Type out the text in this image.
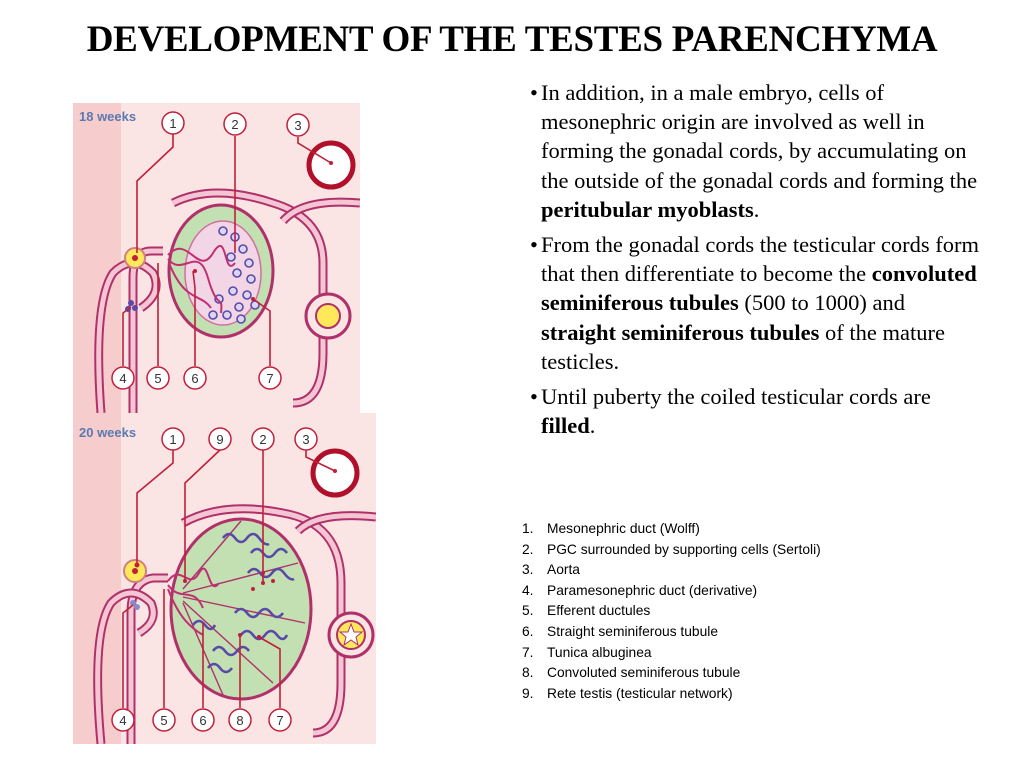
DEVELOPMENT OF THE TESTES PARENCHYMA
18 weeks	1	2	3
4 5 6	7
20 weeks	1	9	2	3
4	5 6 8	7
• In addition, in a male embryo, cells of mesonephric origin are involved as well in forming the gonadal cords, by accumulating on the outside of the gonadal cords and forming the peritubular myoblasts.
• From the gonadal cords the testicular cords form that then differentiate to become the convoluted seminiferous tubules (500 to 1000) and straight seminiferous tubules of the mature testicles.
• Until puberty the coiled testicular cords are filled.
1. Mesonephric duct (Wolff)
2. PGC surrounded by supporting cells (Sertoli)
3. Aorta
4. Paramesonephric duct (derivative)
5. Efferent ductules
6. Straight seminiferous tubule
7. Tunica albuginea
8. Convoluted seminiferous tubule
9. Rete testis (testicular network)
